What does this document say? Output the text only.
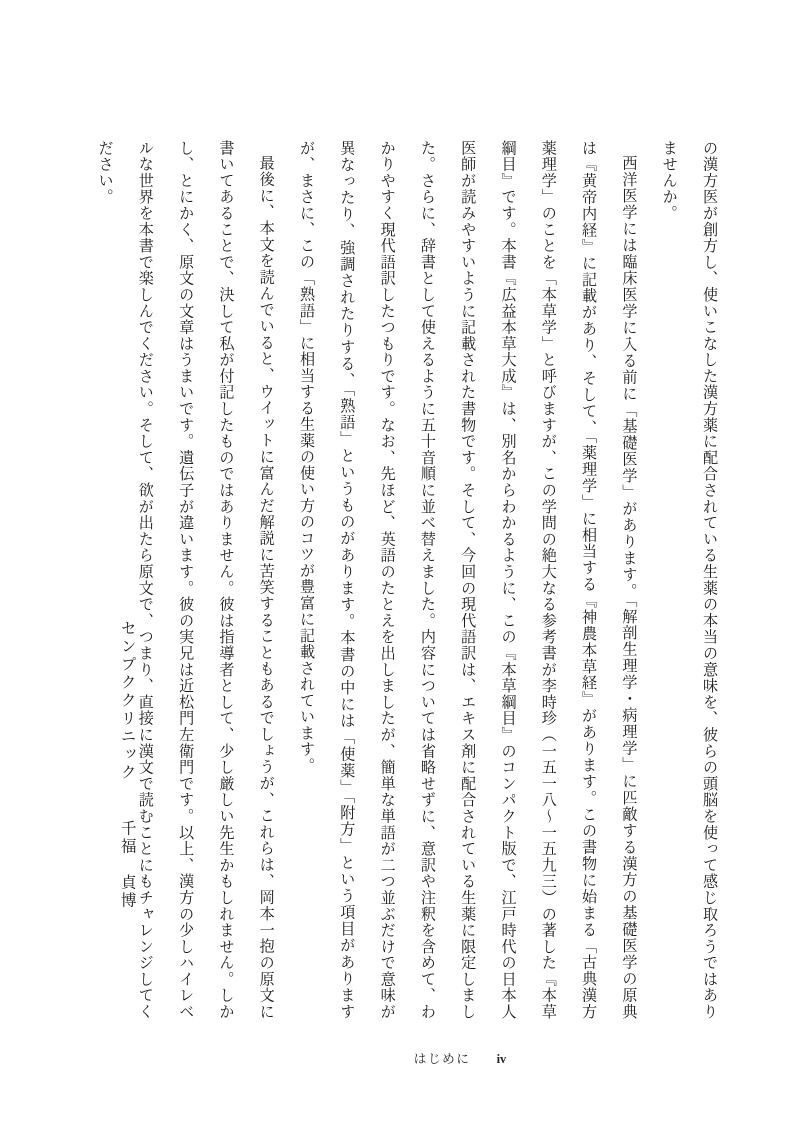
の漢方医が創方し、使いこなした漢方薬に配合されている生薬の本当の意味を、彼らの頭脳を使って感じ取ろうではありませんか。

西洋医学には臨床医学に入る前に「基礎医学」があります。「解剖生理学・病理学」に匹敵する漢方の基礎医学の原典は『黄帝内経』に記載があり、そして、「薬理学」に相当する『神農本草経』があります。この書物に始まる「古典漢方薬理学」のことを「本草学」と呼びますが、この学問の絶大なる参考書が李時珍（一五一八〜一五九三）の著した『本草綱目』です。本書『広益本草大成』は、別名からわかるように、この『本草綱目』のコンパクト版で、江戸時代の日本人医師が読みやすいように記載された書物です。そして、今回の現代語訳は、エキス剤に配合されている生薬に限定しました。さらに、辞書として使えるように五十音順に並べ替えました。内容については省略せずに、意訳や注釈を含めて、わかりやすく現代語訳したつもりです。なお、先ほど、英語のたとえを出しましたが、簡単な単語が二つ並ぶだけで意味が異なったり、強調されたりする、「熟語」というものがあります。本書の中には「使薬」「附方」という項目がありますが、まさに、この「熟語」に相当する生薬の使い方のコツが豊富に記載されています。

最後に、本文を読んでいると、ウイットに富んだ解説に苦笑することもあるでしょうが、これらは、岡本一抱の原文に書いてあることで、決して私が付記したものではありません。彼は指導者として、少し厳しい先生かもしれません。しかし、とにかく、原文の文章はうまいです。遺伝子が違います。彼の実兄は近松門左衛門です。以上、漢方の少しハイレベルな世界を本書で楽しんでください。そして、欲が出たら原文で、つまり、直接に漢文で読むことにもチャレンジしてください。

センプククリニック 千福　貞博
はじめに iv
